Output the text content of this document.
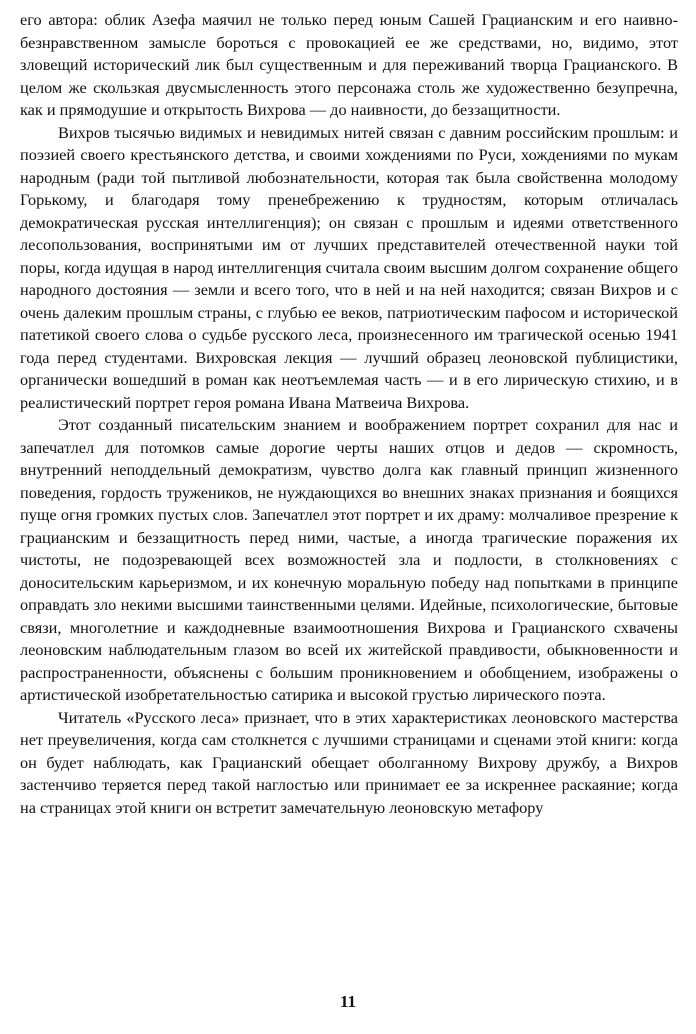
его автора: облик Азефа маячил не только перед юным Сашей Грацианским и его наивно-безнравственном замысле бороться с провокацией ее же средствами, но, видимо, этот зловещий исторический лик был существенным и для переживаний творца Грацианского. В целом же скользкая двусмысленность этого персонажа столь же художественно безупречна, как и прямодушие и открытость Вихрова — до наивности, до беззащитности.

Вихров тысячью видимых и невидимых нитей связан с давним российским прошлым: и поэзией своего крестьянского детства, и своими хождениями по Руси, хождениями по мукам народным (ради той пытливой любознательности, которая так была свойственна молодому Горькому, и благодаря тому пренебрежению к трудностям, которым отличалась демократическая русская интеллигенция); он связан с прошлым и идеями ответственного лесопользования, воспринятыми им от лучших представителей отечественной науки той поры, когда идущая в народ интеллигенция считала своим высшим долгом сохранение общего народного достояния — земли и всего того, что в ней и на ней находится; связан Вихров и с очень далеким прошлым страны, с глубью ее веков, патриотическим пафосом и исторической патетикой своего слова о судьбе русского леса, произнесенного им трагической осенью 1941 года перед студентами. Вихровская лекция — лучший образец леоновской публицистики, органически вошедший в роман как неотъемлемая часть — и в его лирическую стихию, и в реалистический портрет героя романа Ивана Матвеича Вихрова.

Этот созданный писательским знанием и воображением портрет сохранил для нас и запечатлел для потомков самые дорогие черты наших отцов и дедов — скромность, внутренний неподдельный демократизм, чувство долга как главный принцип жизненного поведения, гордость тружеников, не нуждающихся во внешних знаках признания и боящихся пуще огня громких пустых слов. Запечатлел этот портрет и их драму: молчаливое презрение к грацианским и беззащитность перед ними, частые, а иногда трагические поражения их чистоты, не подозревающей всех возможностей зла и подлости, в столкновениях с доносительским карьеризмом, и их конечную моральную победу над попытками в принципе оправдать зло некими высшими таинственными целями. Идейные, психологические, бытовые связи, многолетние и каждодневные взаимоотношения Вихрова и Грацианского схвачены леоновским наблюдательным глазом во всей их житейской правдивости, обыкновенности и распространенности, объяснены с большим проникновением и обобщением, изображены о артистической изобретательностью сатирика и высокой грустью лирического поэта.

Читатель «Русского леса» признает, что в этих характеристиках леоновского мастерства нет преувеличения, когда сам столкнется с лучшими страницами и сценами этой книги: когда он будет наблюдать, как Грацианский обещает оболганному Вихрову дружбу, а Вихров застенчиво теряется перед такой наглостью или принимает ее за искреннее раскаяние; когда на страницах этой книги он встретит замечательную леоновскую метафору

11
